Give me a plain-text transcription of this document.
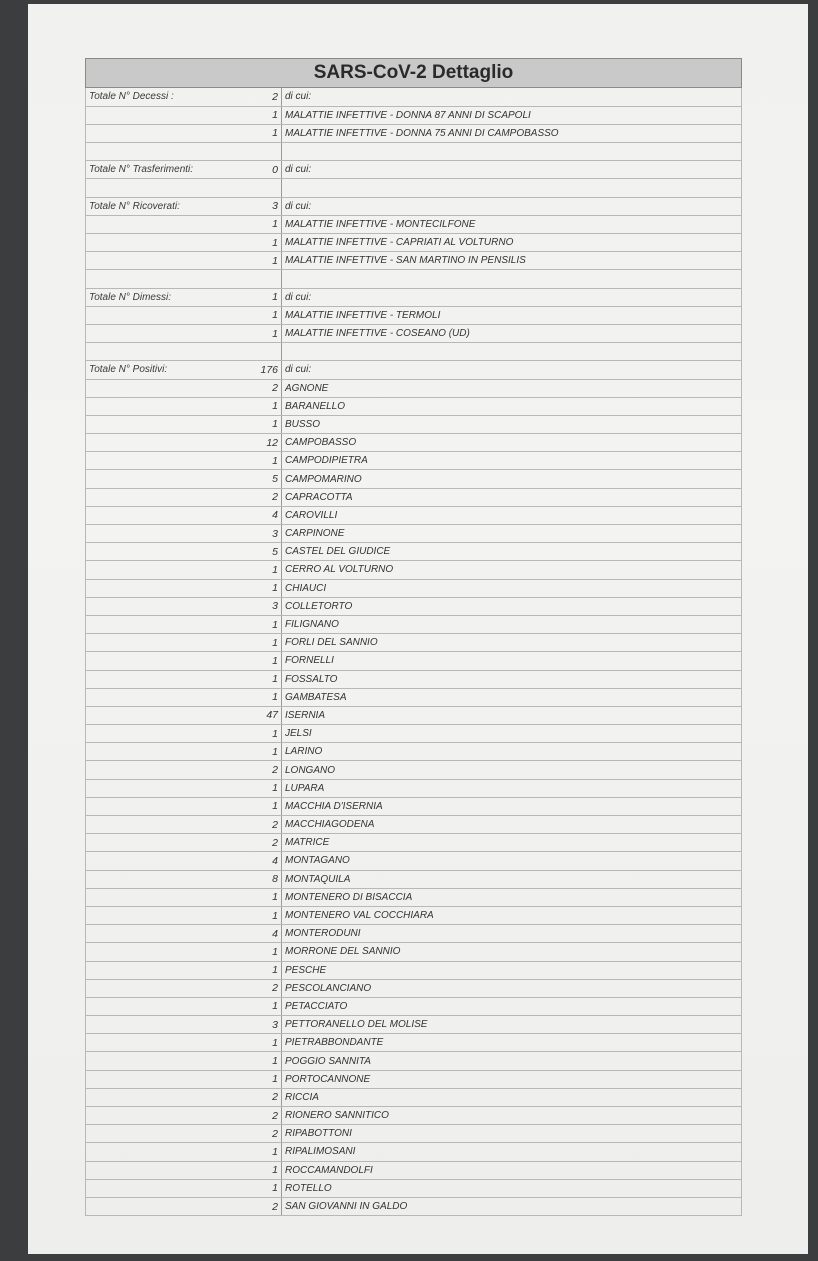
SARS-CoV-2 Dettaglio
Totale N° Decessi :	2	di cui:
	1	MALATTIE INFETTIVE - DONNA 87 ANNI DI SCAPOLI
	1	MALATTIE INFETTIVE - DONNA 75 ANNI DI CAMPOBASSO

Totale N° Trasferimenti:	0	di cui:

Totale N° Ricoverati:	3	di cui:
	1	MALATTIE INFETTIVE - MONTECILFONE
	1	MALATTIE INFETTIVE - CAPRIATI AL VOLTURNO
	1	MALATTIE INFETTIVE - SAN MARTINO IN PENSILIS

Totale N° Dimessi:	1	di cui:
	1	MALATTIE INFETTIVE - TERMOLI
	1	MALATTIE INFETTIVE - COSEANO (UD)

Totale N° Positivi:	176	di cui:
	2	AGNONE
	1	BARANELLO
	1	BUSSO
	12	CAMPOBASSO
	1	CAMPODIPIETRA
	5	CAMPOMARINO
	2	CAPRACOTTA
	4	CAROVILLI
	3	CARPINONE
	5	CASTEL DEL GIUDICE
	1	CERRO AL VOLTURNO
	1	CHIAUCI
	3	COLLETORTO
	1	FILIGNANO
	1	FORLI DEL SANNIO
	1	FORNELLI
	1	FOSSALTO
	1	GAMBATESA
	47	ISERNIA
	1	JELSI
	1	LARINO
	2	LONGANO
	1	LUPARA
	1	MACCHIA D'ISERNIA
	2	MACCHIAGODENA
	2	MATRICE
	4	MONTAGANO
	8	MONTAQUILA
	1	MONTENERO DI BISACCIA
	1	MONTENERO VAL COCCHIARA
	4	MONTERODUNI
	1	MORRONE DEL SANNIO
	1	PESCHE
	2	PESCOLANCIANO
	1	PETACCIATO
	3	PETTORANELLO DEL MOLISE
	1	PIETRABBONDANTE
	1	POGGIO SANNITA
	1	PORTOCANNONE
	2	RICCIA
	2	RIONERO SANNITICO
	2	RIPABOTTONI
	1	RIPALIMOSANI
	1	ROCCAMANDOLFI
	1	ROTELLO
	2	SAN GIOVANNI IN GALDO
